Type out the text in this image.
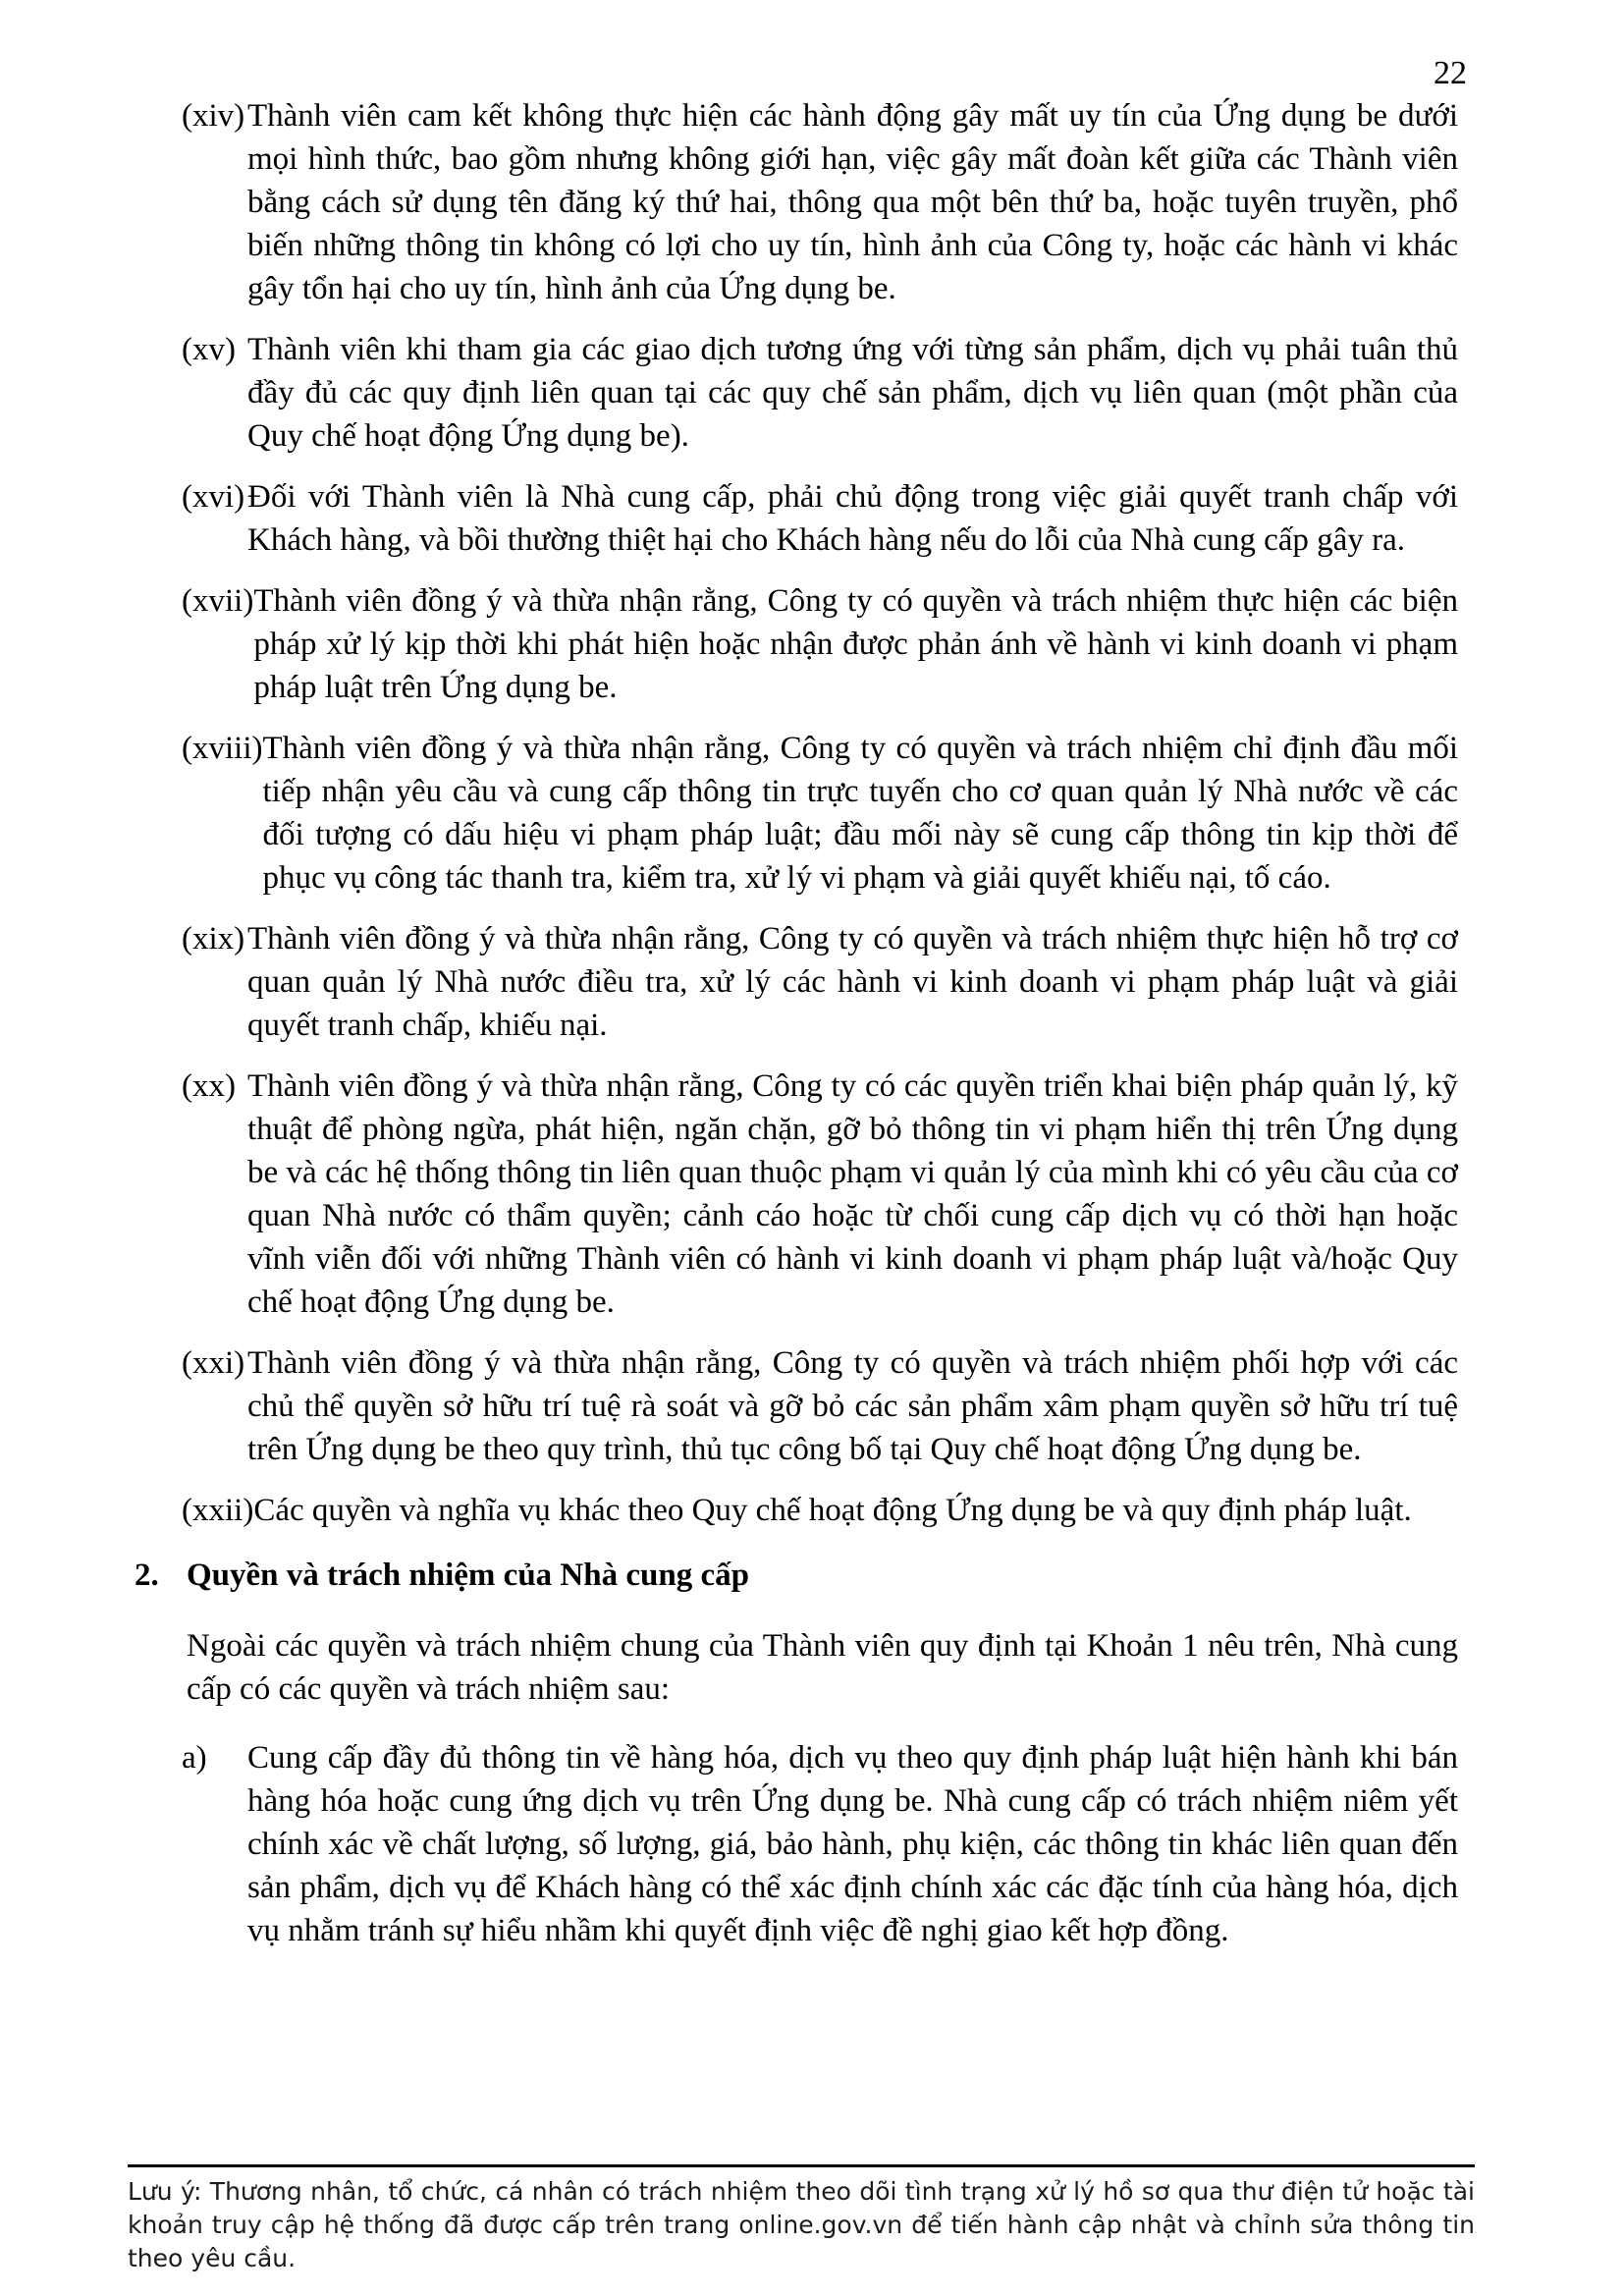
22
(xiv) Thành viên cam kết không thực hiện các hành động gây mất uy tín của Ứng dụng be dưới mọi hình thức, bao gồm nhưng không giới hạn, việc gây mất đoàn kết giữa các Thành viên bằng cách sử dụng tên đăng ký thứ hai, thông qua một bên thứ ba, hoặc tuyên truyền, phổ biến những thông tin không có lợi cho uy tín, hình ảnh của Công ty, hoặc các hành vi khác gây tổn hại cho uy tín, hình ảnh của Ứng dụng be.

(xv) Thành viên khi tham gia các giao dịch tương ứng với từng sản phẩm, dịch vụ phải tuân thủ đầy đủ các quy định liên quan tại các quy chế sản phẩm, dịch vụ liên quan (một phần của Quy chế hoạt động Ứng dụng be).

(xvi) Đối với Thành viên là Nhà cung cấp, phải chủ động trong việc giải quyết tranh chấp với Khách hàng, và bồi thường thiệt hại cho Khách hàng nếu do lỗi của Nhà cung cấp gây ra.

(xvii) Thành viên đồng ý và thừa nhận rằng, Công ty có quyền và trách nhiệm thực hiện các biện pháp xử lý kịp thời khi phát hiện hoặc nhận được phản ánh về hành vi kinh doanh vi phạm pháp luật trên Ứng dụng be.

(xviii) Thành viên đồng ý và thừa nhận rằng, Công ty có quyền và trách nhiệm chỉ định đầu mối tiếp nhận yêu cầu và cung cấp thông tin trực tuyến cho cơ quan quản lý Nhà nước về các đối tượng có dấu hiệu vi phạm pháp luật; đầu mối này sẽ cung cấp thông tin kịp thời để phục vụ công tác thanh tra, kiểm tra, xử lý vi phạm và giải quyết khiếu nại, tố cáo.

(xix) Thành viên đồng ý và thừa nhận rằng, Công ty có quyền và trách nhiệm thực hiện hỗ trợ cơ quan quản lý Nhà nước điều tra, xử lý các hành vi kinh doanh vi phạm pháp luật và giải quyết tranh chấp, khiếu nại.

(xx) Thành viên đồng ý và thừa nhận rằng, Công ty có các quyền triển khai biện pháp quản lý, kỹ thuật để phòng ngừa, phát hiện, ngăn chặn, gỡ bỏ thông tin vi phạm hiển thị trên Ứng dụng be và các hệ thống thông tin liên quan thuộc phạm vi quản lý của mình khi có yêu cầu của cơ quan Nhà nước có thẩm quyền; cảnh cáo hoặc từ chối cung cấp dịch vụ có thời hạn hoặc vĩnh viễn đối với những Thành viên có hành vi kinh doanh vi phạm pháp luật và/hoặc Quy chế hoạt động Ứng dụng be.

(xxi) Thành viên đồng ý và thừa nhận rằng, Công ty có quyền và trách nhiệm phối hợp với các chủ thể quyền sở hữu trí tuệ rà soát và gỡ bỏ các sản phẩm xâm phạm quyền sở hữu trí tuệ trên Ứng dụng be theo quy trình, thủ tục công bố tại Quy chế hoạt động Ứng dụng be.

(xxii) Các quyền và nghĩa vụ khác theo Quy chế hoạt động Ứng dụng be và quy định pháp luật.

2. Quyền và trách nhiệm của Nhà cung cấp

Ngoài các quyền và trách nhiệm chung của Thành viên quy định tại Khoản 1 nêu trên, Nhà cung cấp có các quyền và trách nhiệm sau:

a)	Cung cấp đầy đủ thông tin về hàng hóa, dịch vụ theo quy định pháp luật hiện hành khi bán hàng hóa hoặc cung ứng dịch vụ trên Ứng dụng be. Nhà cung cấp có trách nhiệm niêm yết chính xác về chất lượng, số lượng, giá, bảo hành, phụ kiện, các thông tin khác liên quan đến sản phẩm, dịch vụ để Khách hàng có thể xác định chính xác các đặc tính của hàng hóa, dịch vụ nhằm tránh sự hiểu nhầm khi quyết định việc đề nghị giao kết hợp đồng.

Lưu ý: Thương nhân, tổ chức, cá nhân có trách nhiệm theo dõi tình trạng xử lý hồ sơ qua thư điện tử hoặc tài khoản truy cập hệ thống đã được cấp trên trang online.gov.vn để tiến hành cập nhật và chỉnh sửa thông tin theo yêu cầu.
